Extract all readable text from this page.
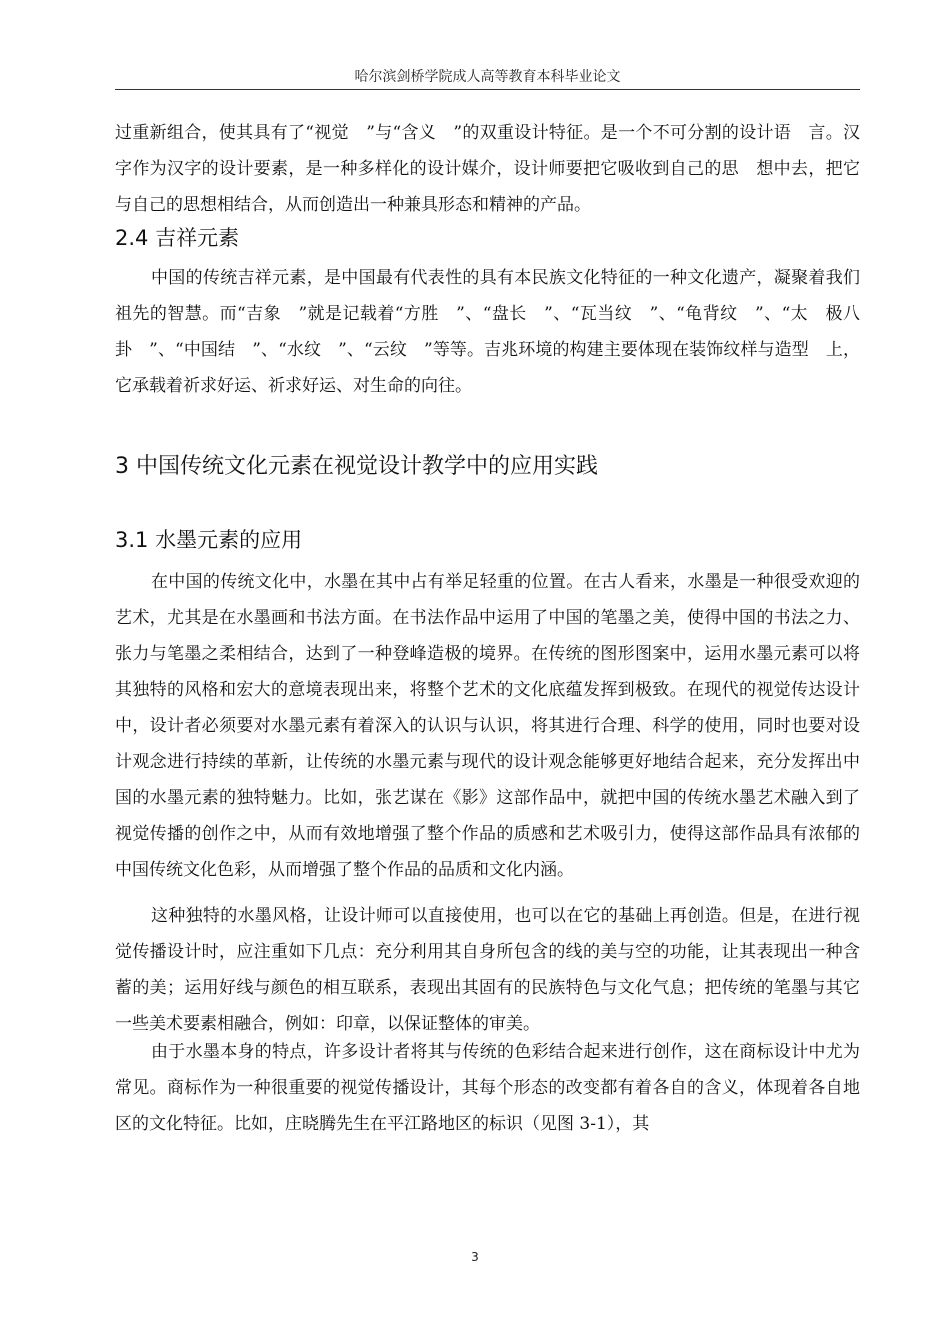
哈尔滨剑桥学院成人高等教育本科毕业论文

过重新组合，使其具有了“视觉　”与“含义　”的双重设计特征。是一个不可分割的设计语　言。汉字作为汉字的设计要素，是一种多样化的设计媒介，设计师要把它吸收到自己的思　想中去，把它与自己的思想相结合，从而创造出一种兼具形态和精神的产品。

2.4 吉祥元素

中国的传统吉祥元素，是中国最有代表性的具有本民族文化特征的一种文化遗产，凝聚着我们祖先的智慧。而“吉象　”就是记载着“方胜　”、“盘长　”、“瓦当纹　”、“龟背纹　”、“太　极八卦　”、“中国结　”、“水纹　”、“云纹　”等等。吉兆环境的构建主要体现在装饰纹样与造型　上，它承载着祈求好运、祈求好运、对生命的向往。

3 中国传统文化元素在视觉设计教学中的应用实践
3.1 水墨元素的应用

在中国的传统文化中，水墨在其中占有举足轻重的位置。在古人看来，水墨是一种很受欢迎的艺术，尤其是在水墨画和书法方面。在书法作品中运用了中国的笔墨之美，使得中国的书法之力、张力与笔墨之柔相结合，达到了一种登峰造极的境界。在传统的图形图案中，运用水墨元素可以将其独特的风格和宏大的意境表现出来，将整个艺术的文化底蕴发挥到极致。在现代的视觉传达设计中，设计者必须要对水墨元素有着深入的认识与认识，将其进行合理、科学的使用，同时也要对设计观念进行持续的革新，让传统的水墨元素与现代的设计观念能够更好地结合起来，充分发挥出中国的水墨元素的独特魅力。比如，张艺谋在《影》这部作品中，就把中国的传统水墨艺术融入到了视觉传播的创作之中，从而有效地增强了整个作品的质感和艺术吸引力，使得这部作品具有浓郁的中国传统文化色彩，从而增强了整个作品的品质和文化内涵。

这种独特的水墨风格，让设计师可以直接使用，也可以在它的基础上再创造。但是，在进行视觉传播设计时，应注重如下几点：充分利用其自身所包含的线的美与空的功能，让其表现出一种含蓄的美；运用好线与颜色的相互联系，表现出其固有的民族特色与文化气息；把传统的笔墨与其它一些美术要素相融合，例如：印章，以保证整体的审美。

由于水墨本身的特点，许多设计者将其与传统的色彩结合起来进行创作，这在商标设计中尤为常见。商标作为一种很重要的视觉传播设计，其每个形态的改变都有着各自的含义，体现着各自地区的文化特征。比如，庄晓腾先生在平江路地区的标识（见图 3-1），其

3
